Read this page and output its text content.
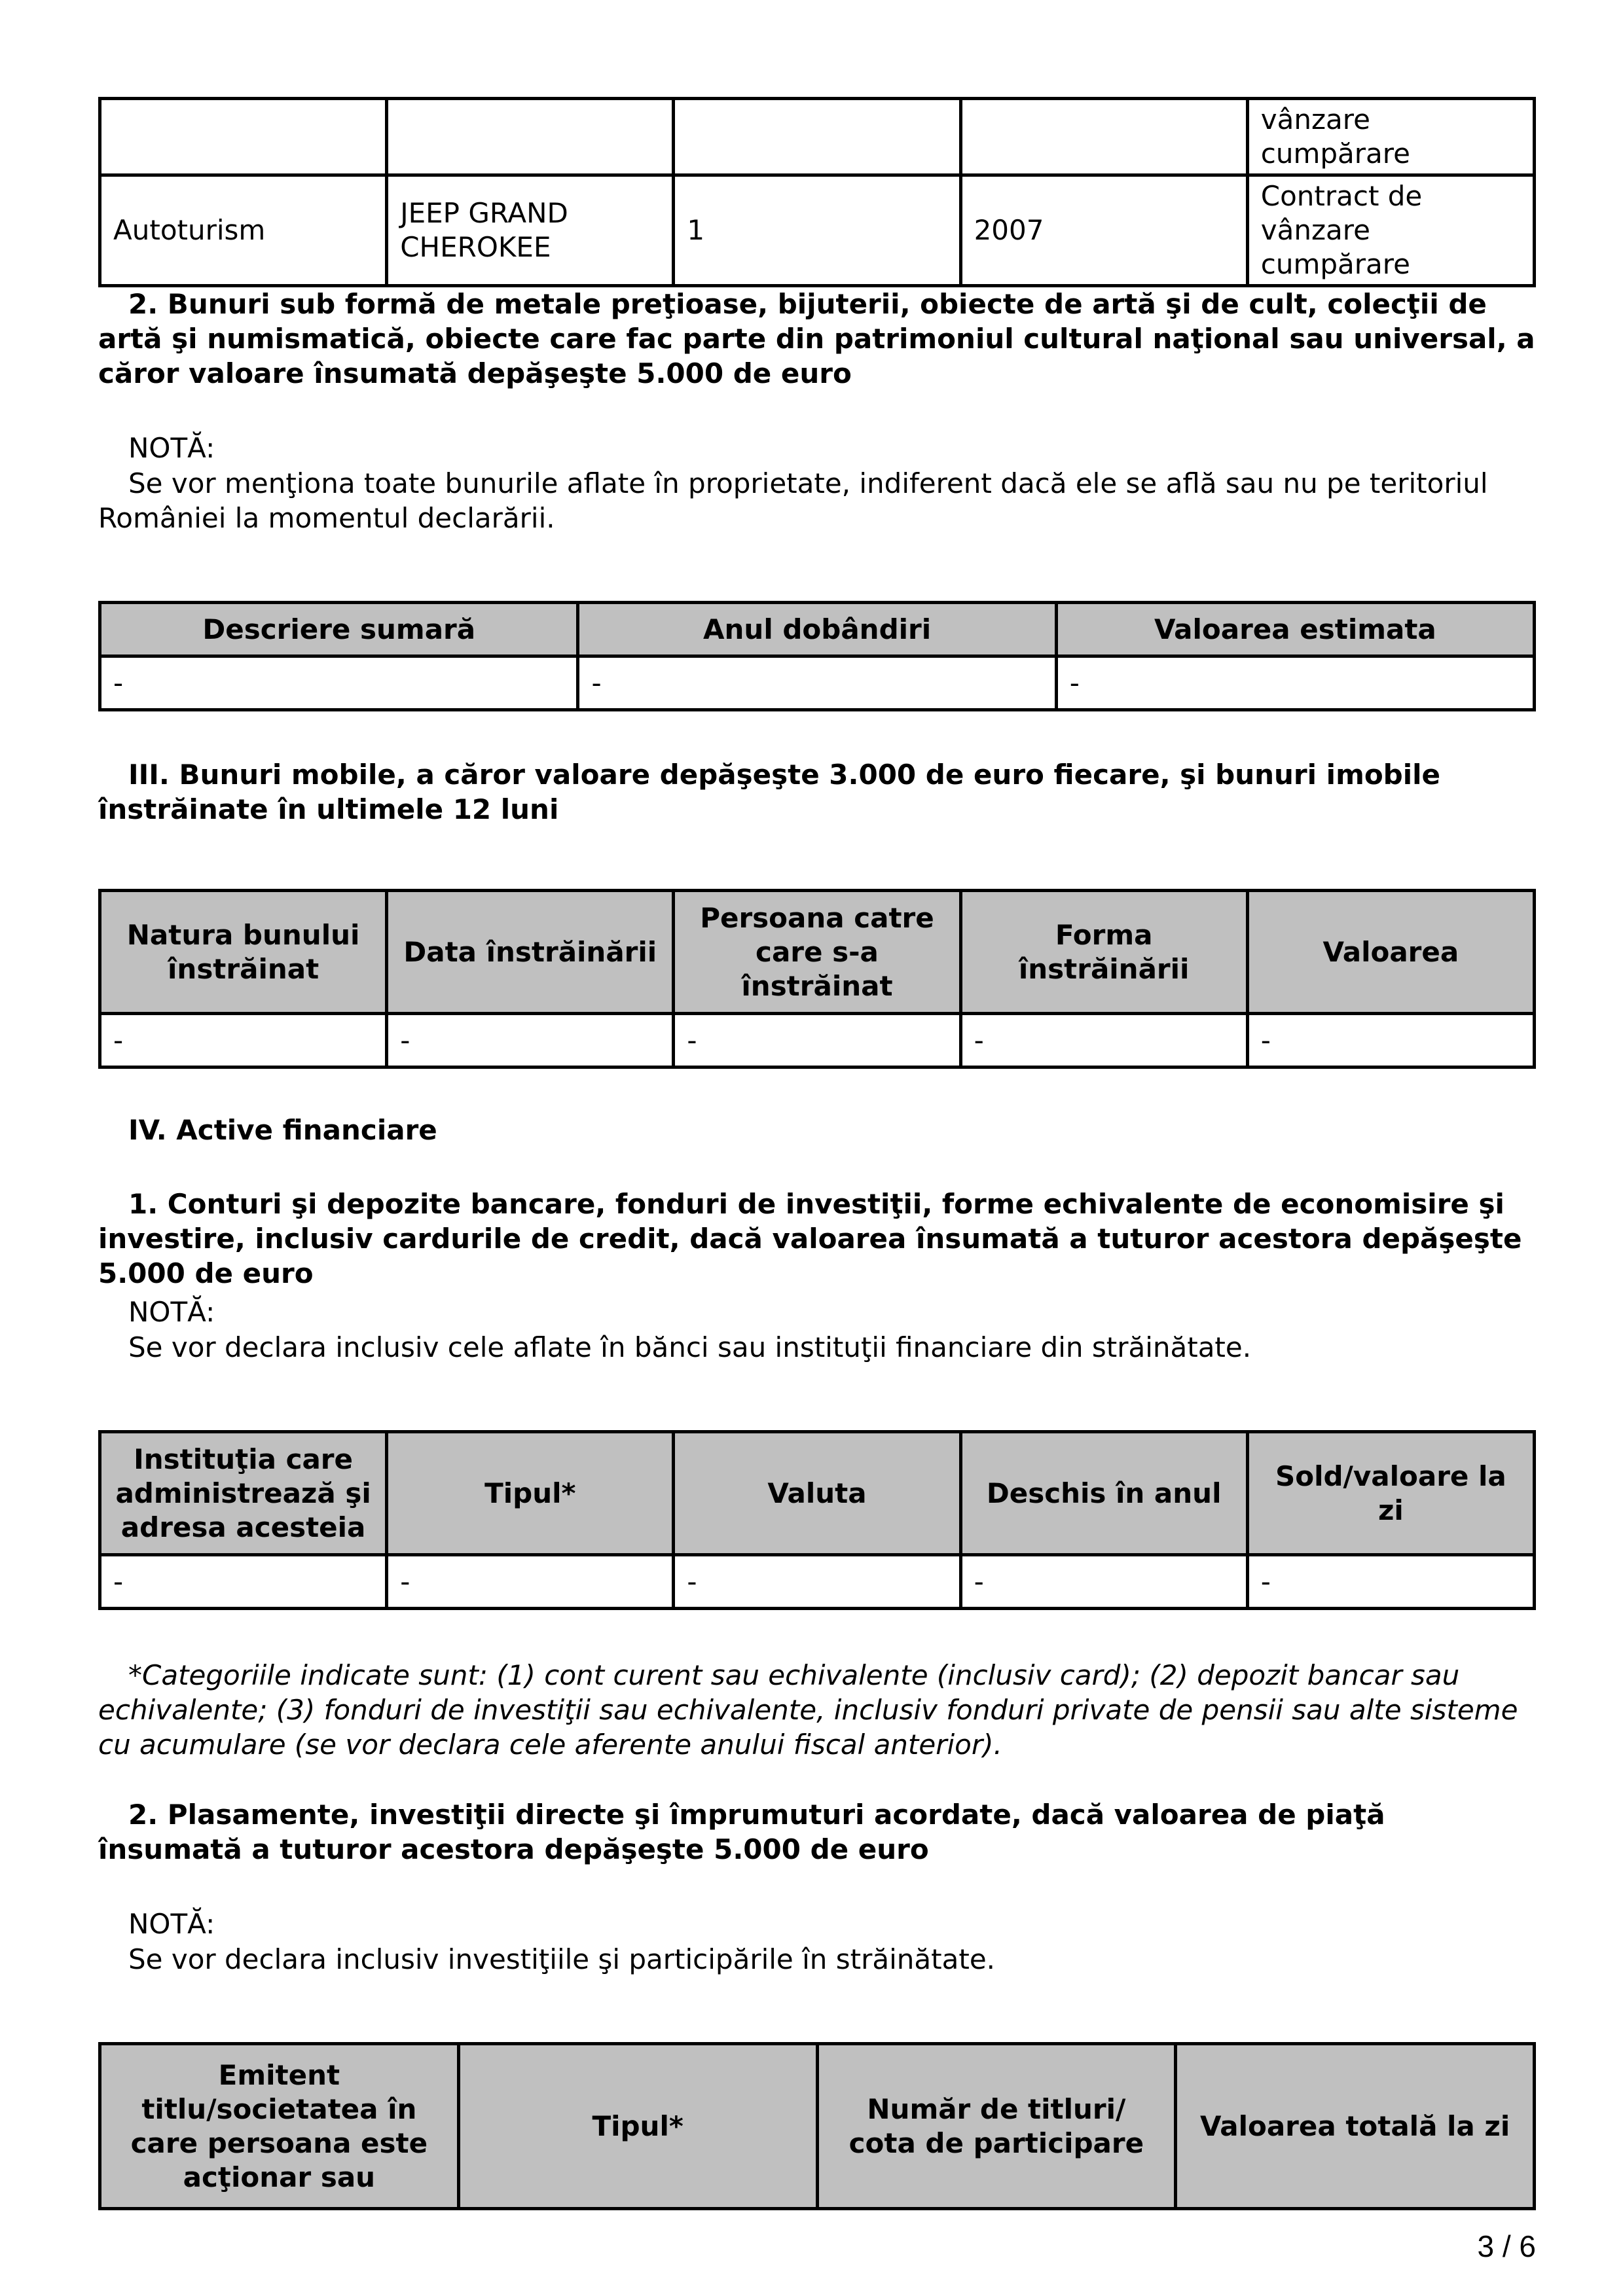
				vânzare cumpărare
Autoturism	JEEP GRAND CHEROKEE	1	2007	Contract de vânzare cumpărare
2. Bunuri sub formă de metale preţioase, bijuterii, obiecte de artă şi de cult, colecţii de artă şi numismatică, obiecte care fac parte din patrimoniul cultural naţional sau universal, a căror valoare însumată depăşeşte 5.000 de euro
NOTĂ:
Se vor menţiona toate bunurile aflate în proprietate, indiferent dacă ele se află sau nu pe teritoriul României la momentul declarării.
Descriere sumară	Anul dobândiri	Valoarea estimata
-	-	-
III. Bunuri mobile, a căror valoare depăşeşte 3.000 de euro fiecare, şi bunuri imobile înstrăinate în ultimele 12 luni
Natura bunului înstrăinat	Data înstrăinării	Persoana catre care s-a înstrăinat	Forma înstrăinării	Valoarea
-	-	-	-	-
IV. Active financiare
1. Conturi şi depozite bancare, fonduri de investiţii, forme echivalente de economisire şi investire, inclusiv cardurile de credit, dacă valoarea însumată a tuturor acestora depăşeşte 5.000 de euro
NOTĂ:
Se vor declara inclusiv cele aflate în bănci sau instituţii financiare din străinătate.
Instituţia care administrează şi adresa acesteia	Tipul*	Valuta	Deschis în anul	Sold/valoare la zi
-	-	-	-	-
*Categoriile indicate sunt: (1) cont curent sau echivalente (inclusiv card); (2) depozit bancar sau echivalente; (3) fonduri de investiţii sau echivalente, inclusiv fonduri private de pensii sau alte sisteme cu acumulare (se vor declara cele aferente anului fiscal anterior).
2. Plasamente, investiţii directe şi împrumuturi acordate, dacă valoarea de piaţă însumată a tuturor acestora depăşeşte 5.000 de euro
NOTĂ:
Se vor declara inclusiv investiţiile şi participările în străinătate.
Emitent titlu/societatea în care persoana este acţionar sau	Tipul*	Număr de titluri/ cota de participare	Valoarea totală la zi
3 / 6
